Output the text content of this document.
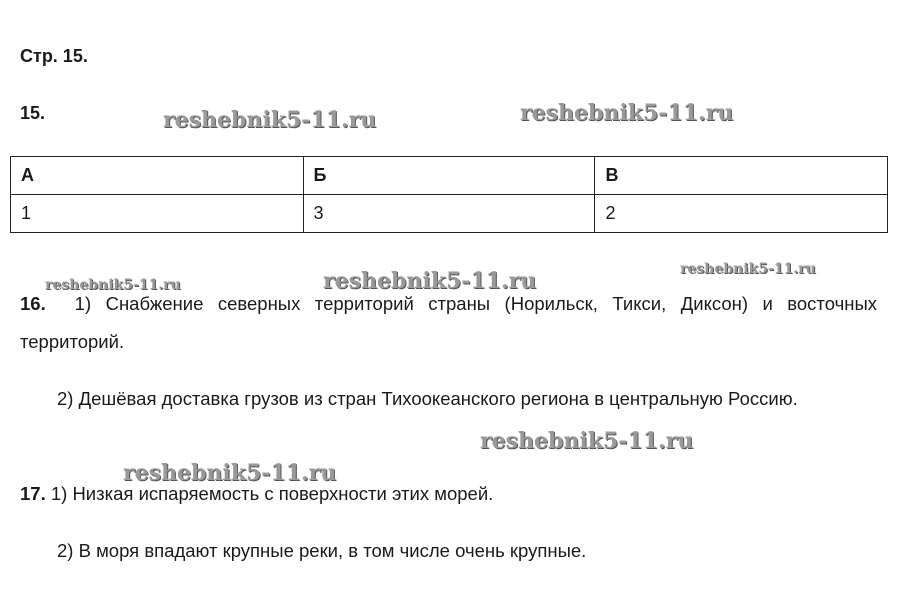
Стр. 15.
15.
А	Б	В
1	3	2
16. 1) Снабжение северных территорий страны (Норильск, Тикси, Диксон) и восточных территорий.
2) Дешёвая доставка грузов из стран Тихоокеанского региона в центральную Россию.
17. 1) Низкая испаряемость с поверхности этих морей.
2) В моря впадают крупные реки, в том числе очень крупные.
reshebnik5-11.ru	reshebnik5-11.ru
reshebnik5-11.ru	reshebnik5-11.ru	reshebnik5-11.ru
reshebnik5-11.ru
reshebnik5-11.ru
